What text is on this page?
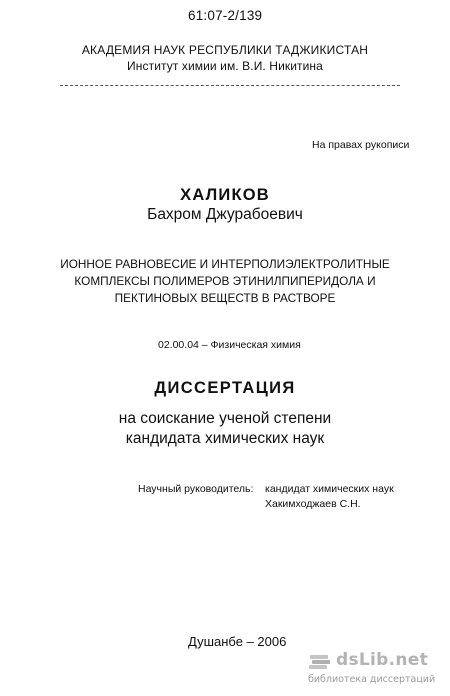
61:07-2/139
АКАДЕМИЯ НАУК РЕСПУБЛИКИ ТАДЖИКИСТАН
Институт химии им. В.И. Никитина
На правах рукописи
ХАЛИКОВ
Бахром Джурабоевич
ИОННОЕ РАВНОВЕСИЕ И ИНТЕРПОЛИЭЛЕКТРОЛИТНЫЕ
КОМПЛЕКСЫ ПОЛИМЕРОВ ЭТИНИЛПИПЕРИДОЛА И
ПЕКТИНОВЫХ ВЕЩЕСТВ В РАСТВОРЕ
02.00.04 – Физическая химия
ДИССЕРТАЦИЯ
на соискание ученой степени
кандидата химических наук
Научный руководитель: кандидат химических наук
Хакимходжаев С.Н.
Душанбе – 2006
dsLib.net
библиотека диссертаций
